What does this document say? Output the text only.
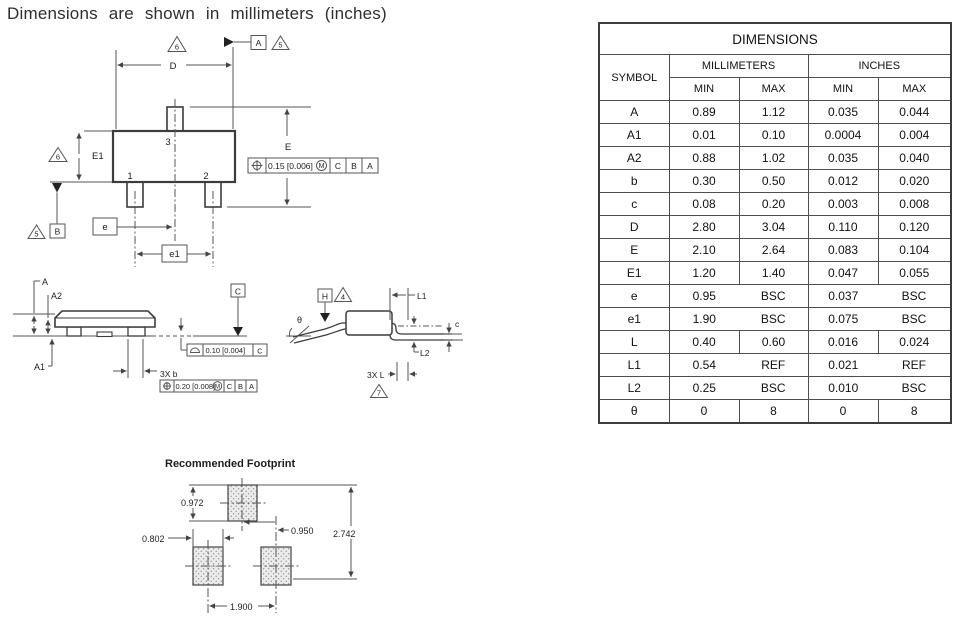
Dimensions are shown in millimeters (inches)
D
6	A 5
3
1	2
E1
6
5 B	e
e1
E
0.15 [0.006] M C B A
A
A2
A1
C
0.10 [0.004] C
3X b
0.20 [0.008] M C B A
θ
H 4	L1
c
L2
3X L
7
Recommended Footprint
0.972
2.742
0.950
0.802
1.900
DIMENSIONS				
SYMBOL	MILLIMETERS		INCHES	
	MIN	MAX	MIN	MAX
A	0.89	1.12	0.035	0.044
A1	0.01	0.10	0.0004	0.004
A2	0.88	1.02	0.035	0.040
b	0.30	0.50	0.012	0.020
c	0.08	0.20	0.003	0.008
D	2.80	3.04	0.110	0.120
E	2.10	2.64	0.083	0.104
E1	1.20	1.40	0.047	0.055
e	0.95	BSC	0.037	BSC
e1	1.90	BSC	0.075	BSC
L	0.40	0.60	0.016	0.024
L1	0.54	REF	0.021	REF
L2	0.25	BSC	0.010	BSC
θ	0	8	0	8
